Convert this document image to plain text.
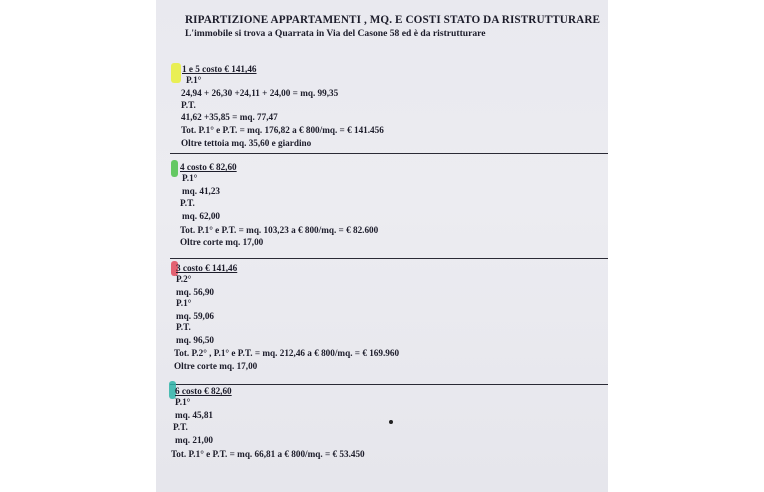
RIPARTIZIONE APPARTAMENTI , MQ. E COSTI STATO DA RISTRUTTURARE
L'immobile si trova a Quarrata in Via del Casone 58 ed è da ristrutturare
1 e 5 costo € 141,46
P.1°
24,94 + 26,30 +24,11 + 24,00 = mq. 99,35
P.T.
41,62 +35,85 = mq. 77,47
Tot. P.1° e P.T. = mq. 176,82 a € 800/mq. = € 141.456
Oltre tettoia mq. 35,60 e giardino
4 costo € 82,60
P.1°
mq. 41,23
P.T.
mq. 62,00
Tot. P.1° e P.T. = mq. 103,23 a € 800/mq. = € 82.600
Oltre corte mq. 17,00
3 costo € 141,46
P.2°
mq. 56,90
P.1°
mq. 59,06
P.T.
mq. 96,50
Tot. P.2° , P.1° e P.T. = mq. 212,46 a € 800/mq. = € 169.960
Oltre corte mq. 17,00
6 costo € 82,60
P.1°
mq. 45,81
P.T.
mq. 21,00
Tot. P.1° e P.T. = mq. 66,81 a € 800/mq. = € 53.450
